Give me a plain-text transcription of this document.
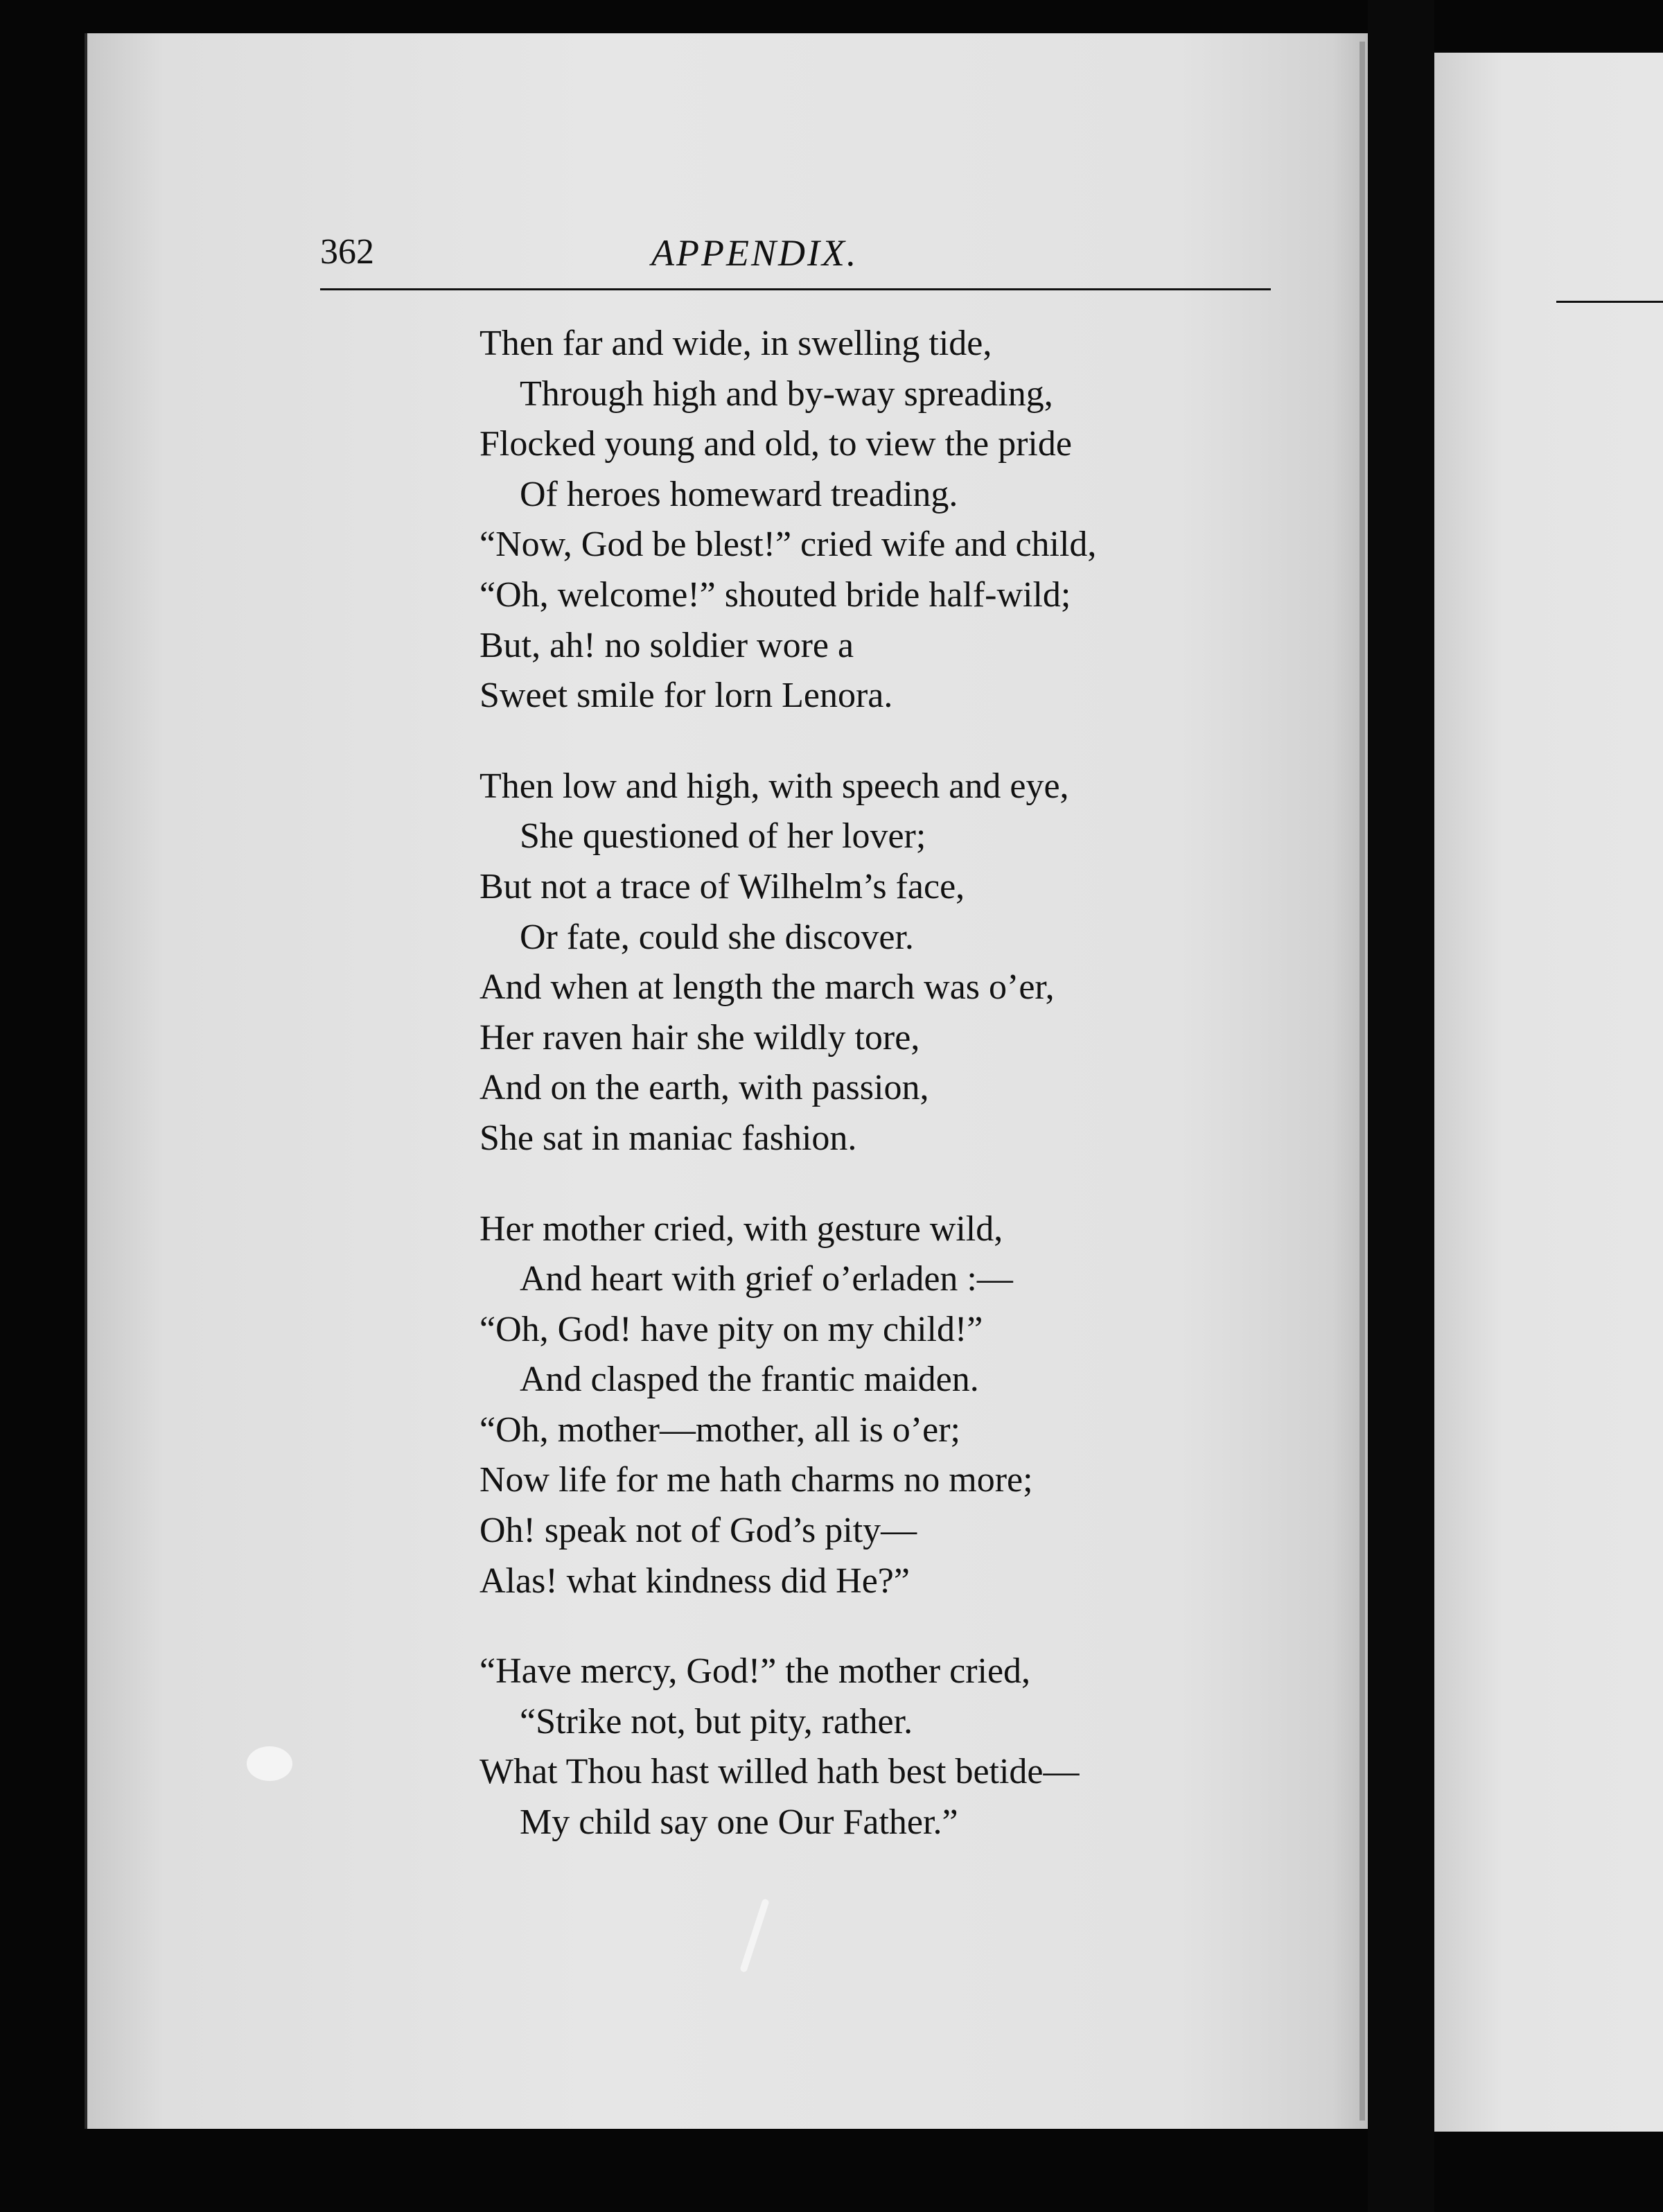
362	APPENDIX.
Then far and wide, in swelling tide,
Through high and by-way spreading,
Flocked young and old, to view the pride
Of heroes homeward treading.
“Now, God be blest!” cried wife and child,
“Oh, welcome!” shouted bride half-wild;
But, ah! no soldier wore a
Sweet smile for lorn Lenora.
Then low and high, with speech and eye,
She questioned of her lover;
But not a trace of Wilhelm’s face,
Or fate, could she discover.
And when at length the march was o’er,
Her raven hair she wildly tore,
And on the earth, with passion,
She sat in maniac fashion.
Her mother cried, with gesture wild,
And heart with grief o’erladen :—
“Oh, God! have pity on my child!”
And clasped the frantic maiden.
“Oh, mother—mother, all is o’er;
Now life for me hath charms no more;
Oh! speak not of God’s pity—
Alas! what kindness did He?”
“Have mercy, God!” the mother cried,
“Strike not, but pity, rather.
What Thou hast willed hath best betide—
My child say one Our Father.”
